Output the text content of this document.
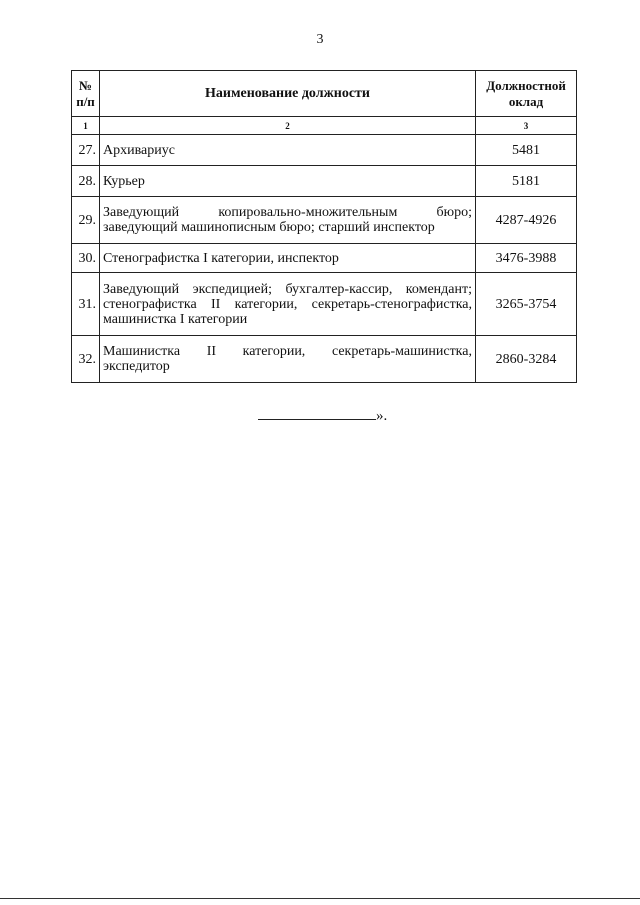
3
№ п/п	Наименование должности	Должностной оклад
1	2	3
27.	Архивариус	5481
28.	Курьер	5181
29.	Заведующий копировально-множительным бюро; заведующий машинописным бюро; старший инспектор	4287-4926
30.	Стенографистка I категории, инспектор	3476-3988
31.	Заведующий экспедицией; бухгалтер-кассир, комендант; стенографистка II категории, секретарь-стенографистка, машинистка I категории	3265-3754
32.	Машинистка II категории, секретарь-машинистка, экспедитор	2860-3284
».
